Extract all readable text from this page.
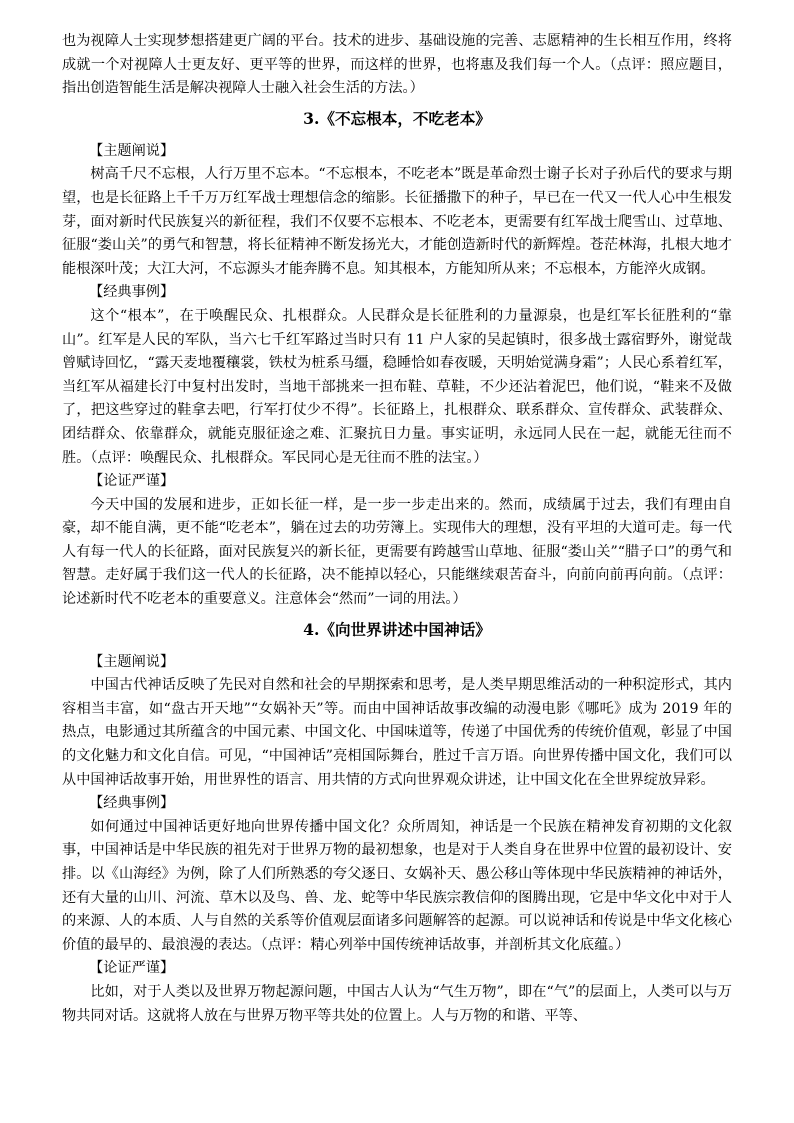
也为视障人士实现梦想搭建更广阔的平台。技术的进步、基础设施的完善、志愿精神的生长相互作用，终将成就一个对视障人士更友好、更平等的世界，而这样的世界，也将惠及我们每一个人。（点评：照应题目，指出创造智能生活是解决视障人士融入社会生活的方法。）

3.《不忘根本，不吃老本》

【主题阐说】

树高千尺不忘根，人行万里不忘本。“不忘根本，不吃老本”既是革命烈士谢子长对子孙后代的要求与期望，也是长征路上千千万万红军战士理想信念的缩影。长征播撒下的种子，早已在一代又一代人心中生根发芽，面对新时代民族复兴的新征程，我们不仅要不忘根本、不吃老本，更需要有红军战士爬雪山、过草地、征服“娄山关”的勇气和智慧，将长征精神不断发扬光大，才能创造新时代的新辉煌。苍茫林海，扎根大地才能根深叶茂；大江大河，不忘源头才能奔腾不息。知其根本，方能知所从来；不忘根本，方能淬火成钢。

【经典事例】

这个“根本”，在于唤醒民众、扎根群众。人民群众是长征胜利的力量源泉，也是红军长征胜利的“靠山”。红军是人民的军队，当六七千红军路过当时只有 11 户人家的吴起镇时，很多战士露宿野外，谢觉哉曾赋诗回忆，“露天麦地覆穰裳，铁杖为桩系马缰，稳睡恰如春夜暖，天明始觉满身霜”；人民心系着红军，当红军从福建长汀中复村出发时，当地干部挑来一担布鞋、草鞋，不少还沾着泥巴，他们说，“鞋来不及做了，把这些穿过的鞋拿去吧，行军打仗少不得”。长征路上，扎根群众、联系群众、宣传群众、武装群众、团结群众、依靠群众，就能克服征途之难、汇聚抗日力量。事实证明，永远同人民在一起，就能无往而不胜。（点评：唤醒民众、扎根群众。军民同心是无往而不胜的法宝。）

【论证严谨】

今天中国的发展和进步，正如长征一样，是一步一步走出来的。然而，成绩属于过去，我们有理由自豪，却不能自满，更不能“吃老本”，躺在过去的功劳簿上。实现伟大的理想，没有平坦的大道可走。每一代人有每一代人的长征路，面对民族复兴的新长征，更需要有跨越雪山草地、征服“娄山关”“腊子口”的勇气和智慧。走好属于我们这一代人的长征路，决不能掉以轻心，只能继续艰苦奋斗，向前向前再向前。（点评：论述新时代不吃老本的重要意义。注意体会“然而”一词的用法。）

4.《向世界讲述中国神话》

【主题阐说】

中国古代神话反映了先民对自然和社会的早期探索和思考，是人类早期思维活动的一种积淀形式，其内容相当丰富，如“盘古开天地”“女娲补天”等。而由中国神话故事改编的动漫电影《哪吒》成为 2019 年的热点，电影通过其所蕴含的中国元素、中国文化、中国味道等，传递了中国优秀的传统价值观，彰显了中国的文化魅力和文化自信。可见，“中国神话”亮相国际舞台，胜过千言万语。向世界传播中国文化，我们可以从中国神话故事开始，用世界性的语言、用共情的方式向世界观众讲述，让中国文化在全世界绽放异彩。

【经典事例】

如何通过中国神话更好地向世界传播中国文化？众所周知，神话是一个民族在精神发育初期的文化叙事，中国神话是中华民族的祖先对于世界万物的最初想象，也是对于人类自身在世界中位置的最初设计、安排。以《山海经》为例，除了人们所熟悉的夸父逐日、女娲补天、愚公移山等体现中华民族精神的神话外，还有大量的山川、河流、草木以及鸟、兽、龙、蛇等中华民族宗教信仰的图腾出现，它是中华文化中对于人的来源、人的本质、人与自然的关系等价值观层面诸多问题解答的起源。可以说神话和传说是中华文化核心价值的最早的、最浪漫的表达。（点评：精心列举中国传统神话故事，并剖析其文化底蕴。）

【论证严谨】

比如，对于人类以及世界万物起源问题，中国古人认为“气生万物”，即在“气”的层面上，人类可以与万物共同对话。这就将人放在与世界万物平等共处的位置上。人与万物的和谐、平等、
